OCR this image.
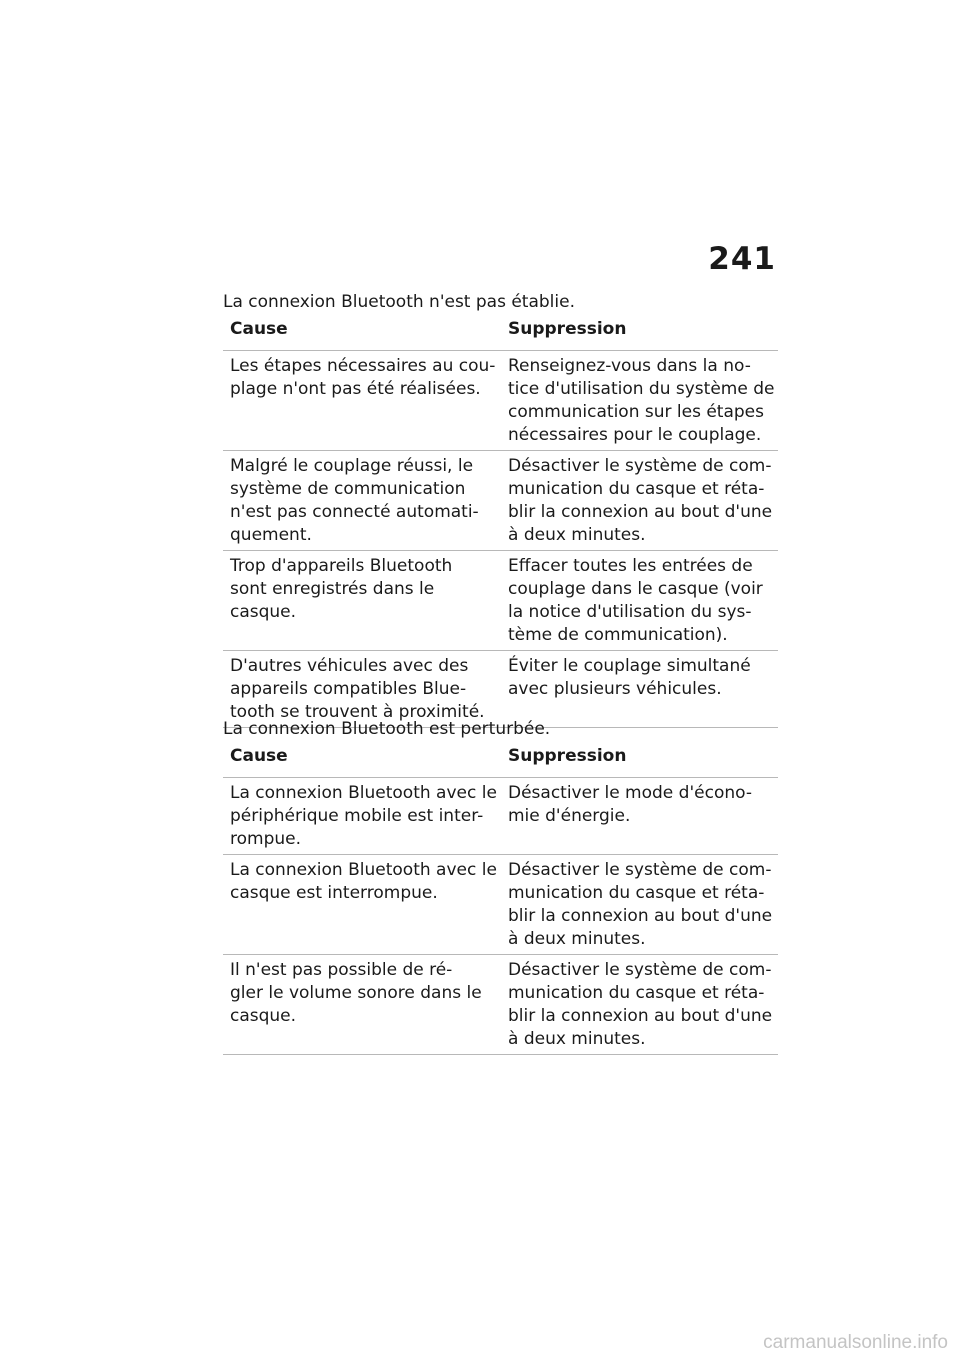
241
La connexion Bluetooth n'est pas établie.
Cause	Suppression

Les étapes nécessaires au cou-
plage n'ont pas été réalisées.	Renseignez-vous dans la no-
tice d'utilisation du système de
communication sur les étapes
nécessaires pour le couplage.

Malgré le couplage réussi, le
système de communication
n'est pas connecté automati-
quement.	Désactiver le système de com-
munication du casque et réta-
blir la connexion au bout d'une
à deux minutes.

Trop d'appareils Bluetooth
sont enregistrés dans le
casque.	Effacer toutes les entrées de
couplage dans le casque (voir
la notice d'utilisation du sys-
tème de communication).

D'autres véhicules avec des
appareils compatibles Blue-
tooth se trouvent à proximité.	Éviter le couplage simultané
avec plusieurs véhicules.
La connexion Bluetooth est perturbée.
Cause	Suppression

La connexion Bluetooth avec le
périphérique mobile est inter-
rompue.	Désactiver le mode d'écono-
mie d'énergie.

La connexion Bluetooth avec le
casque est interrompue.	Désactiver le système de com-
munication du casque et réta-
blir la connexion au bout d'une
à deux minutes.

Il n'est pas possible de ré-
gler le volume sonore dans le
casque.	Désactiver le système de com-
munication du casque et réta-
blir la connexion au bout d'une
à deux minutes.
carmanualsonline.info
